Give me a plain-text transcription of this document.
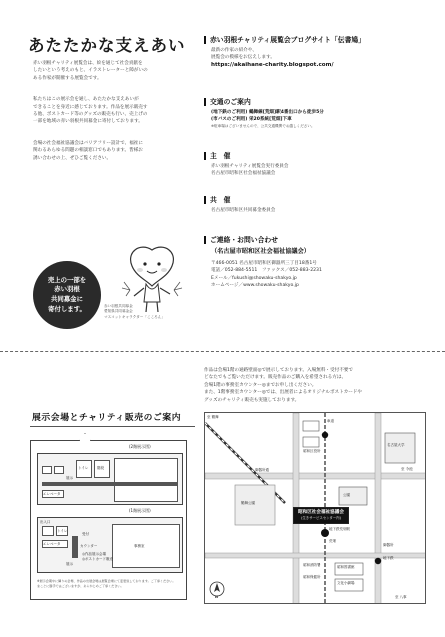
あたたかな支えあい
赤い羽根チャリティ展覧会は、絵を通じて社会貢献を
したいという考えのもと、イラストレーターと障がいの
ある作家が開催する展覧会です。
私たちはこの展示会を通し、あたたかな支えあいが
できることを身近に感じております。作品を展示販売す
る他、ポストカード等のグッズの販売も行い、売上げの
一部を地域の赤い羽根共同募金に寄付しております。
会場の社会福祉協議会はバリアフリー設計で、福祉に
関わるあらゆる問題の相談窓口でもあります。皆様お
誘い合わせの上、ぜひご覧ください。
売上の一部を
赤い羽根
共同募金に
寄付します。	赤い羽根共同募金
愛知県共同募金会
マスコットキャラクター「こころん」
赤い羽根チャリティ展覧会ブログサイト「伝書鳩」
最新の作家の紹介や、
展覧会の模様をお伝えします。
https://akaihane-charity.blogspot.com/
交通のご案内
(地下鉄のご利用) 鶴舞線[荒畑]駅4番出口から徒歩5分
(市バスのご利用) 栄20系統[荒畑]下車
※駐車場はございませんので、公共交通機関でお越しください。
主　催
赤い羽根チャリティ展覧会実行委員会
名古屋市昭和区社会福祉協議会
共　催
名古屋市昭和区共同募金委員会
ご連絡・お問い合わせ
（名古屋市昭和区社会福祉協議会）
〒466-0051 名古屋市昭和区御器所三丁目18番1号
電話／052-884-5511　ファックス／052-883-2231
Eメール／fukushi@showaku-shakyo.jp
ホームページ／www.showaku-shakyo.jp
展示会場とチャリティ販売のご案内
作品は会場1階の通路壁面◎で展示しております。入場無料・受付不要で
どなたでもご覧いただけます。販売作品のご購入を希望される方は、
会場1階の事務室カウンター◎までお申し出ください。
また、1階事務室カウンター◎では、出展者によるオリジナルポストカードや
グッズのチャリティ販売も実施しております。
(2階展示図)
トイレ 階段
エレベータ
展示
(1階展示図)
出入口
トイレ
エレベータ
受付
カウンター	事務室
展示
◎作品展示会場
◎ポストカード販売
※展示会期中に隣りの会場、作品の出展会場は展覧会場にて変更致しております。ご了承ください。
まことに勝手ではございますが、あらかじめご了承ください。
昭和区社会福祉協議会
(生きサービスセンター内)
地下鉄荒畑駅
昭和区役所
御器所通
至 鶴舞
荒畑
地下鉄
車道
至 今池
至 八事
名古屋大学
鶴舞公園
公園
昭和図書館
文化小劇場
昭和消防署
昭和保健所
御器所
N
